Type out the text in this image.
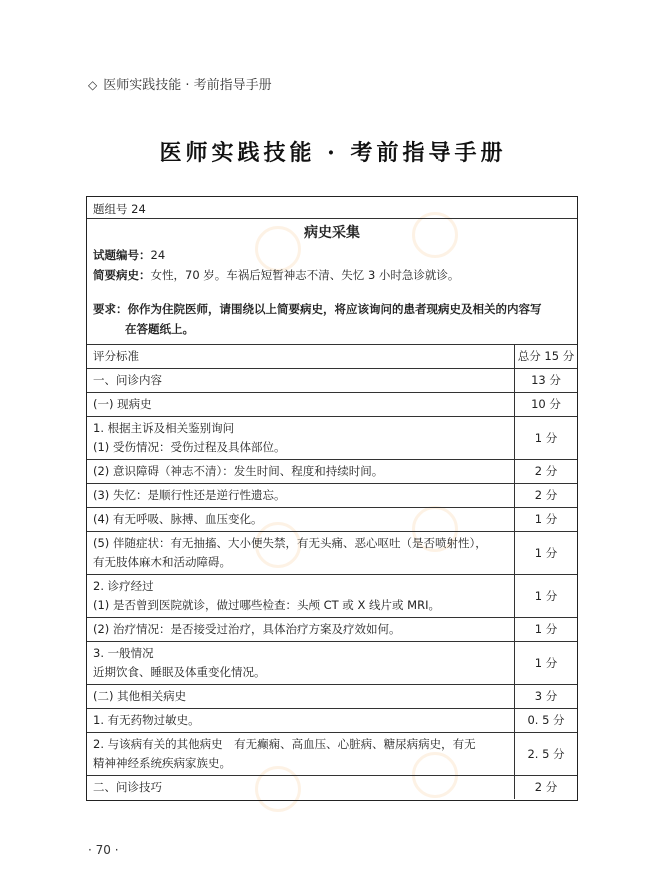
◇ 医师实践技能 · 考前指导手册
医师实践技能 · 考前指导手册
题组号 24
病史采集
试题编号：24
简要病史：女性，70 岁。车祸后短暂神志不清、失忆 3 小时急诊就诊。
要求：你作为住院医师，请围绕以上简要病史，将应该询问的患者现病史及相关的内容写
在答题纸上。
评分标准	总分 15 分

一、问诊内容	13 分

(一) 现病史	10 分

1. 根据主诉及相关鉴别询问
(1) 受伤情况：受伤过程及具体部位。	1 分

(2) 意识障碍（神志不清）：发生时间、程度和持续时间。	2 分

(3) 失忆：是顺行性还是逆行性遗忘。	2 分

(4) 有无呼吸、脉搏、血压变化。	1 分

(5) 伴随症状：有无抽搐、大小便失禁，有无头痛、恶心呕吐（是否喷射性），
有无肢体麻木和活动障碍。	1 分

2. 诊疗经过
(1) 是否曾到医院就诊，做过哪些检查：头颅 CT 或 X 线片或 MRI。	1 分

(2) 治疗情况：是否接受过治疗，具体治疗方案及疗效如何。	1 分

3. 一般情况
近期饮食、睡眠及体重变化情况。	1 分

(二) 其他相关病史	3 分

1. 有无药物过敏史。	0. 5 分

2. 与该病有关的其他病史　有无癫痫、高血压、心脏病、糖尿病病史，有无
精神神经系统疾病家族史。	2. 5 分

二、问诊技巧	2 分
· 70 ·
